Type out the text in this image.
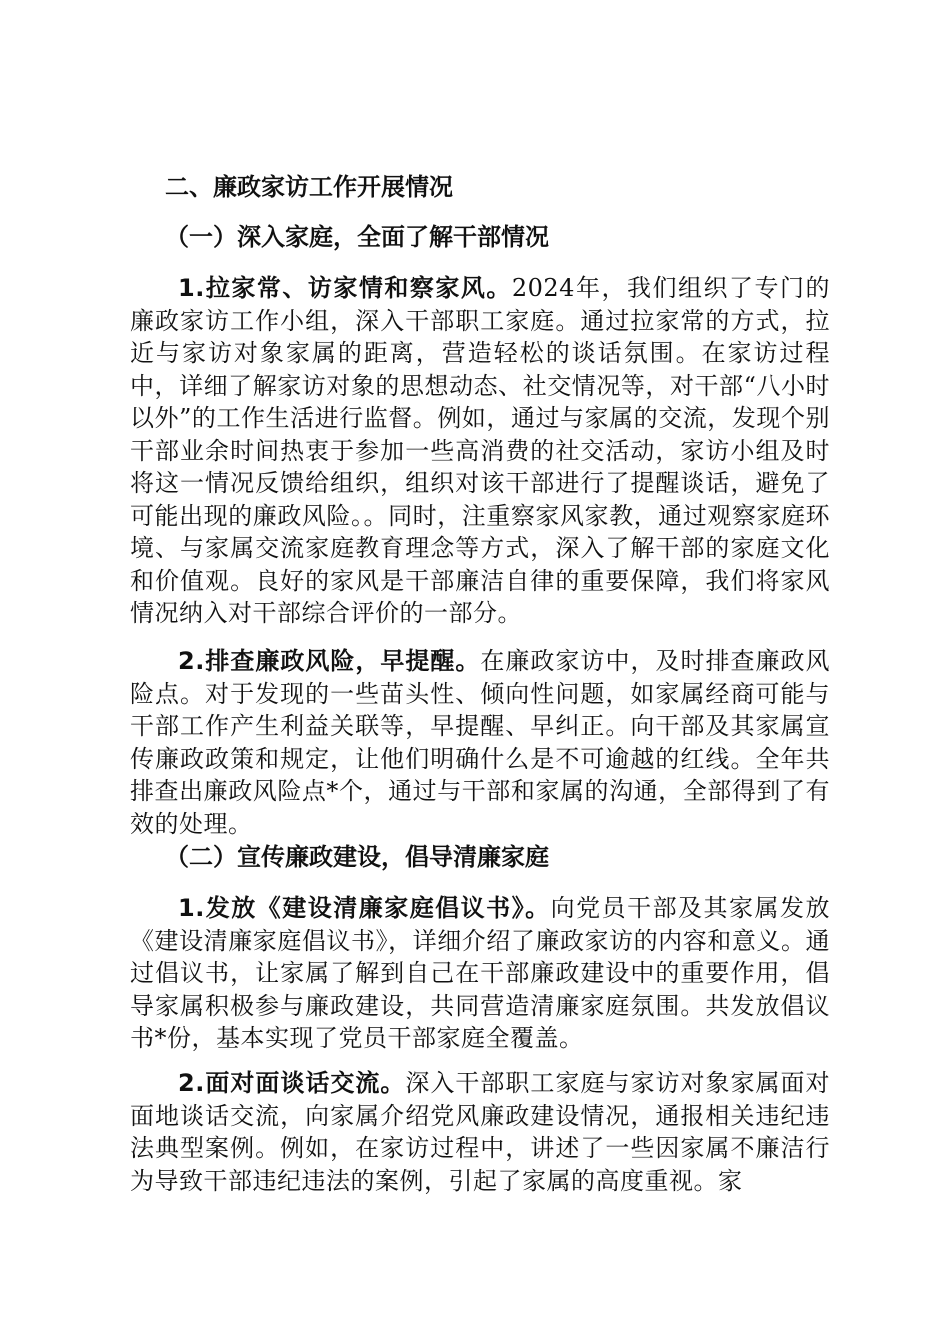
二、廉政家访工作开展情况
（一）深入家庭，全面了解干部情况

1.拉家常、访家情和察家风。2024年，我们组织了专门的廉政家访工作小组，深入干部职工家庭。通过拉家常的方式，拉近与家访对象家属的距离，营造轻松的谈话氛围。在家访过程中，详细了解家访对象的思想动态、社交情况等，对干部“八小时以外”的工作生活进行监督。例如，通过与家属的交流，发现个别干部业余时间热衷于参加一些高消费的社交活动，家访小组及时将这一情况反馈给组织，组织对该干部进行了提醒谈话，避免了可能出现的廉政风险。。同时，注重察家风家教，通过观察家庭环境、与家属交流家庭教育理念等方式，深入了解干部的家庭文化和价值观。良好的家风是干部廉洁自律的重要保障，我们将家风情况纳入对干部综合评价的一部分。

2.排查廉政风险，早提醒。在廉政家访中，及时排查廉政风险点。对于发现的一些苗头性、倾向性问题，如家属经商可能与干部工作产生利益关联等，早提醒、早纠正。向干部及其家属宣传廉政政策和规定，让他们明确什么是不可逾越的红线。全年共排查出廉政风险点*个，通过与干部和家属的沟通，全部得到了有效的处理。

（二）宣传廉政建设，倡导清廉家庭

1.发放《建设清廉家庭倡议书》。向党员干部及其家属发放《建设清廉家庭倡议书》，详细介绍了廉政家访的内容和意义。通过倡议书，让家属了解到自己在干部廉政建设中的重要作用，倡导家属积极参与廉政建设，共同营造清廉家庭氛围。共发放倡议书*份，基本实现了党员干部家庭全覆盖。

2.面对面谈话交流。深入干部职工家庭与家访对象家属面对面地谈话交流，向家属介绍党风廉政建设情况，通报相关违纪违法典型案例。例如，在家访过程中，讲述了一些因家属不廉洁行为导致干部违纪违法的案例，引起了家属的高度重视。家
